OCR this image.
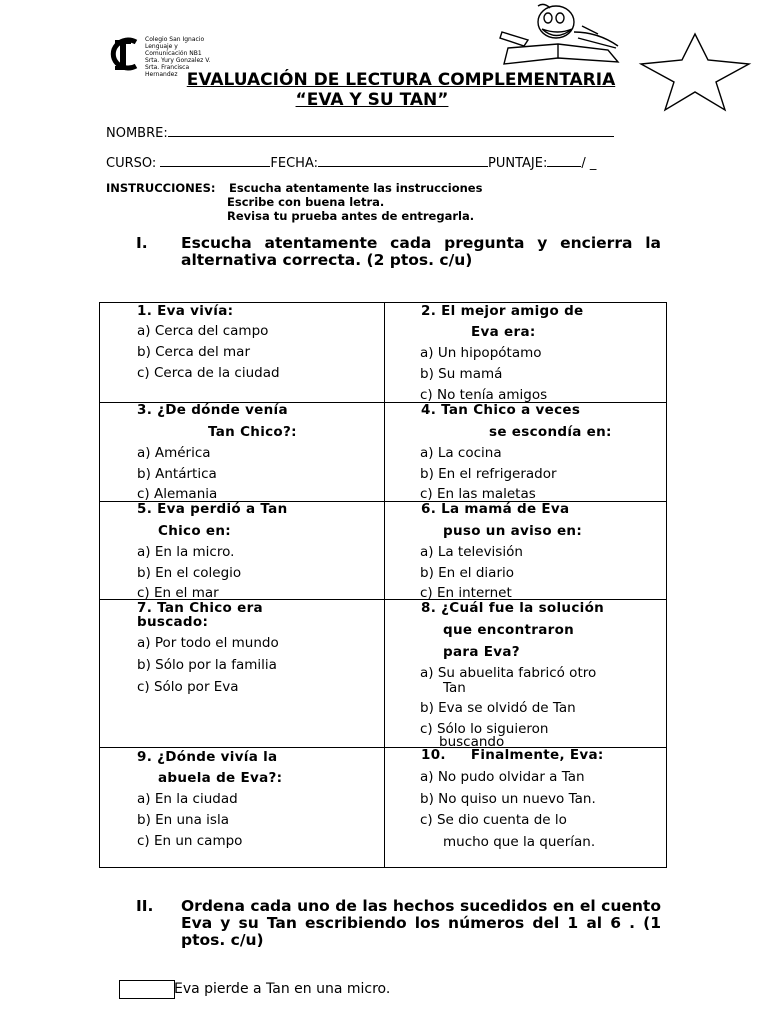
Colegio San Ignacio
Lenguaje y
Comunicación NB1
Srta. Yury Gonzalez V.
Srta. Francisca
Hernandez EVALUACIÓN DE LECTURA COMPLEMENTARIA
“EVA Y SU TAN”
NOMBRE:
CURSO:	FECHA:	PUNTAJE:	/ _
INSTRUCCIONES: Escucha atentamente las instrucciones
Escribe con buena letra.
Revisa tu prueba antes de entregarla.
I. Escucha atentamente cada pregunta y encierra la alternativa correcta. (2 ptos. c/u)
1. Eva vivía:
a) Cerca del campo
b) Cerca del mar
c) Cerca de la ciudad
2. El mejor amigo de
Eva era:
a) Un hipopótamo
b) Su mamá
c) No tenía amigos
3. ¿De dónde venía
Tan Chico?:
a) América
b) Antártica
c) Alemania
4. Tan Chico a veces
se escondía en:
a) La cocina
b) En el refrigerador
c) En las maletas
5. Eva perdió a Tan
Chico en:
a) En la micro.
b) En el colegio
c) En el mar
6. La mamá de Eva
puso un aviso en:
a) La televisión
b) En el diario
c) En internet
7. Tan Chico era
buscado:
a) Por todo el mundo
b) Sólo por la familia
c) Sólo por Eva
8. ¿Cuál fue la solución
que encontraron
para Eva?
a) Su abuelita fabricó otro
Tan
b) Eva se olvidó de Tan
c) Sólo lo siguieron
buscando
9. ¿Dónde vivía la
abuela de Eva?:
a) En la ciudad
b) En una isla
c) En un campo
10.     Finalmente, Eva:
a) No pudo olvidar a Tan
b) No quiso un nuevo Tan.
c) Se dio cuenta de lo
mucho que la querían.
II. Ordena cada uno de las hechos sucedidos en el cuento Eva y su Tan escribiendo los números del 1 al 6 . (1 ptos. c/u)
Eva pierde a Tan en una micro.
